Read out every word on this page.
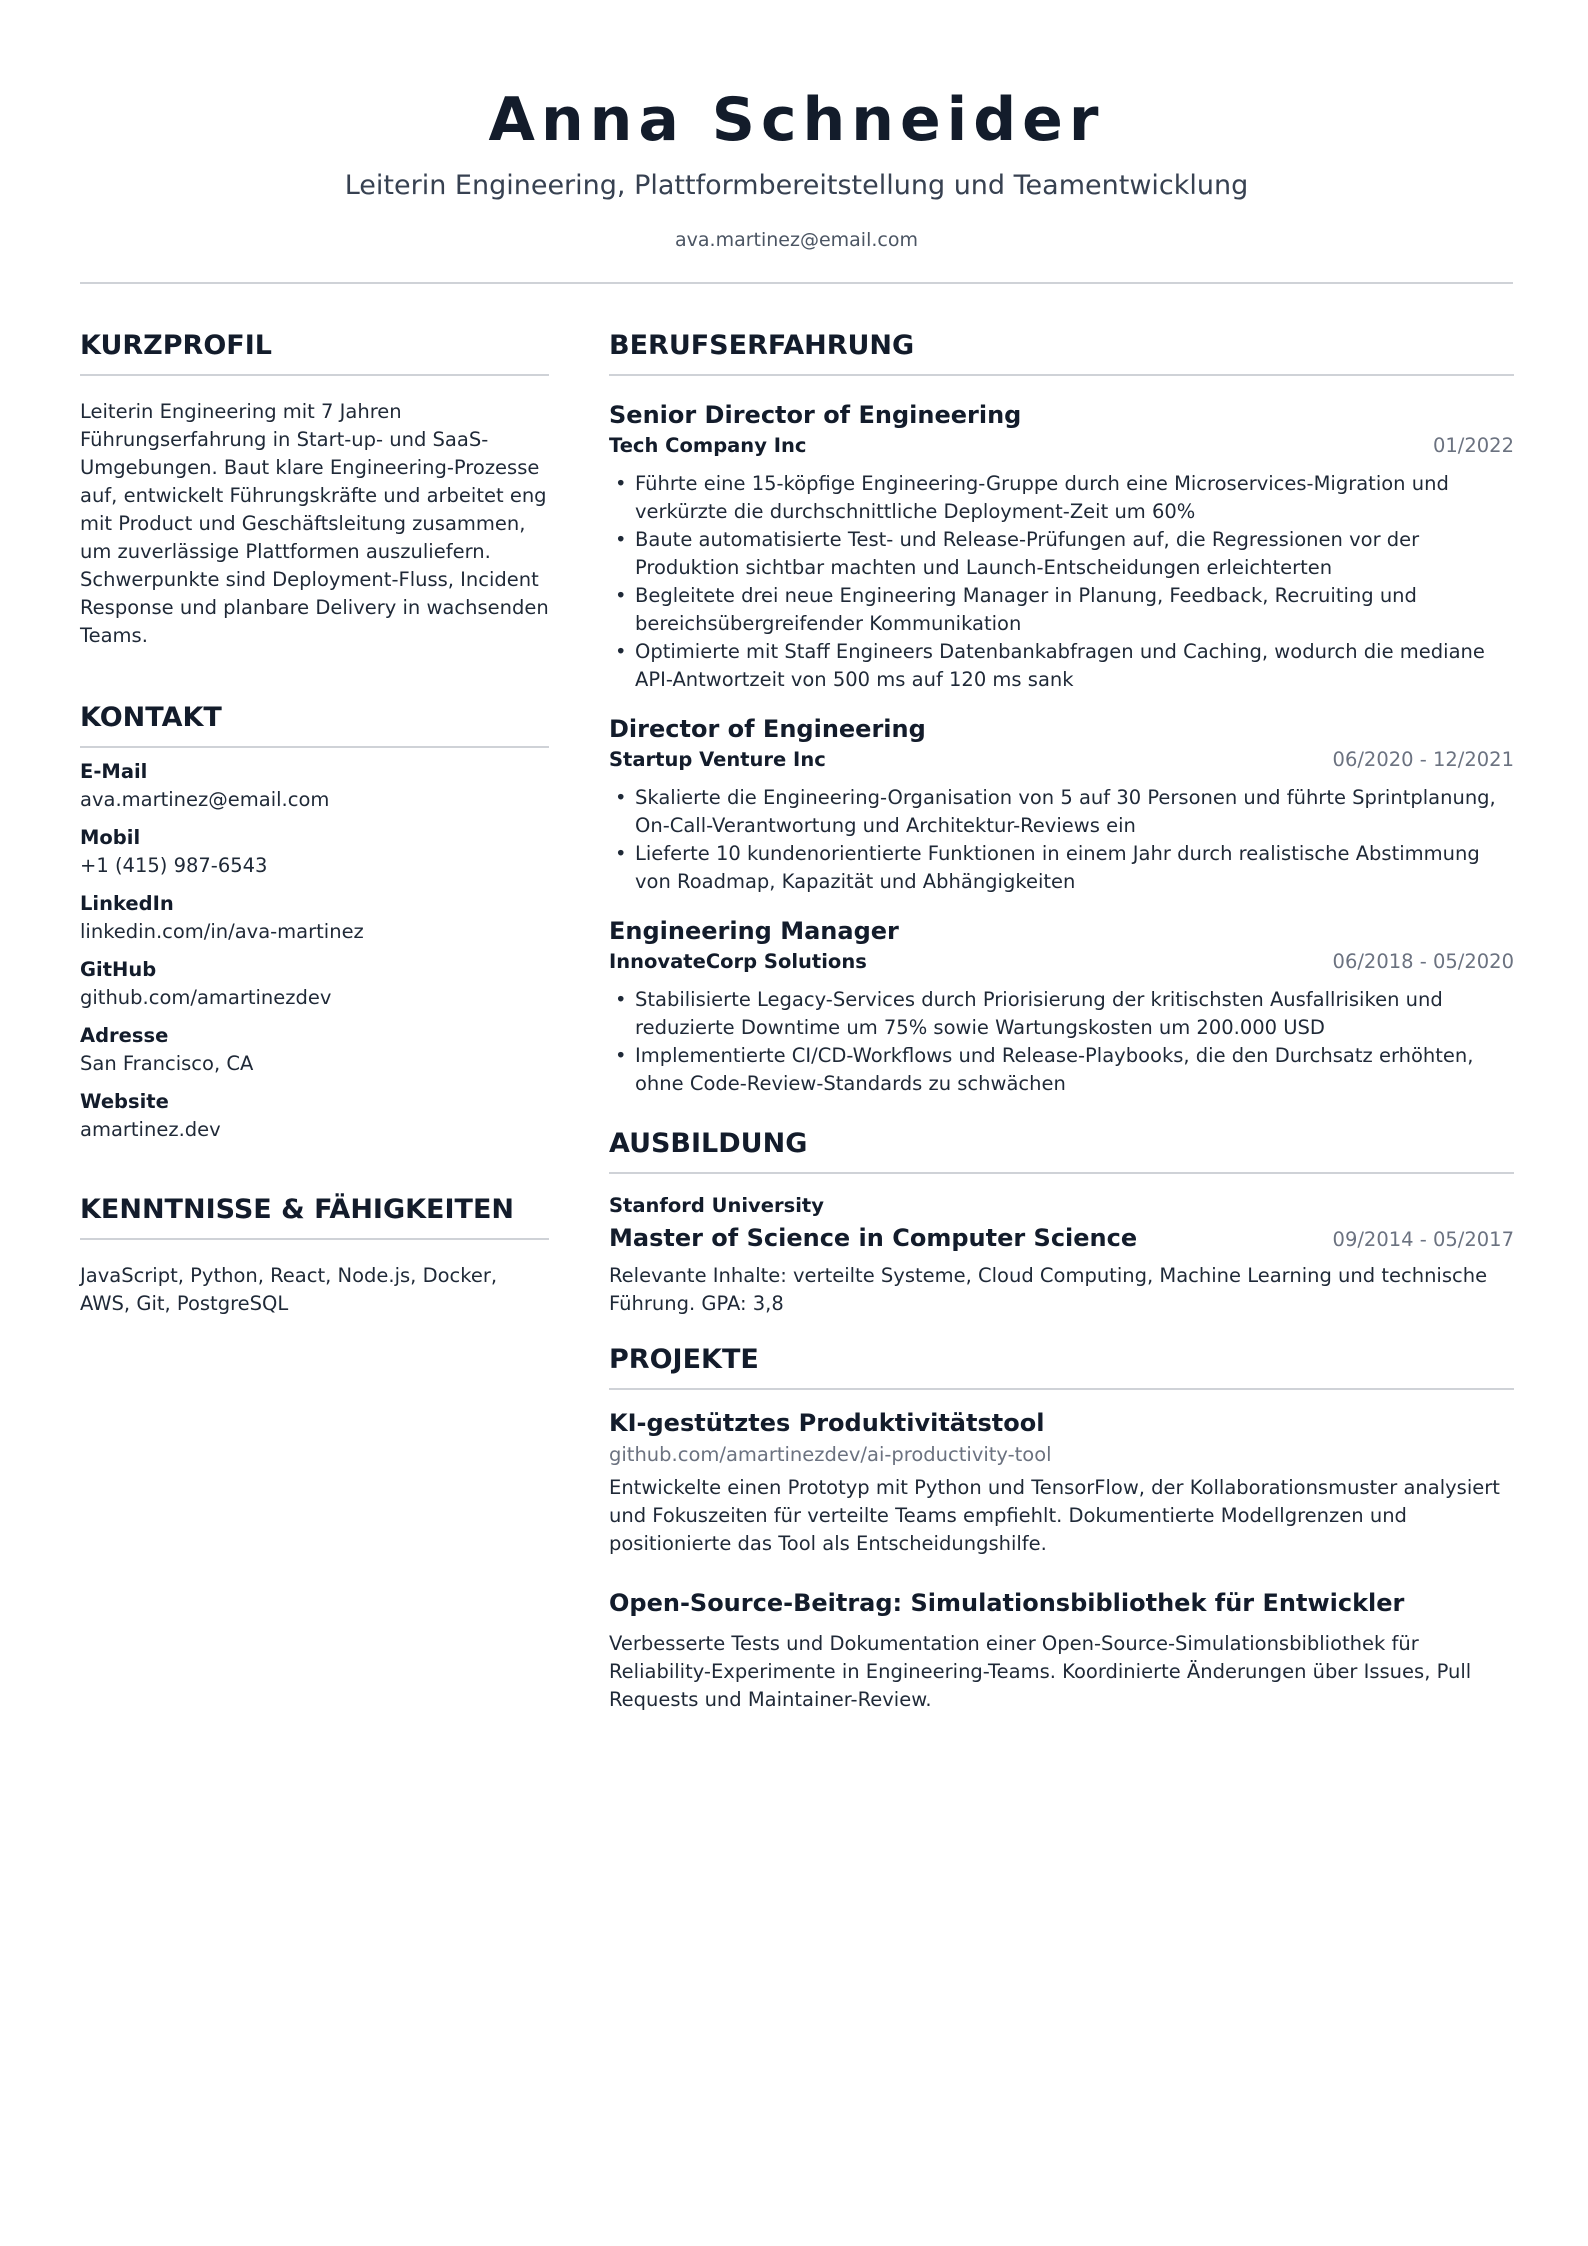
Anna Schneider
Leiterin Engineering, Plattformbereitstellung und Teamentwicklung
ava.martinez@email.com
KURZPROFIL
Leiterin Engineering mit 7 Jahren Führungserfahrung in Start-up- und SaaS-Umgebungen. Baut klare Engineering-Prozesse auf, entwickelt Führungskräfte und arbeitet eng mit Product und Geschäftsleitung zusammen, um zuverlässige Plattformen auszuliefern. Schwerpunkte sind Deployment-Fluss, Incident Response und planbare Delivery in wachsenden Teams.
KONTAKT
E-Mail
ava.martinez@email.com
Mobil
+1 (415) 987-6543
LinkedIn
linkedin.com/in/ava-martinez
GitHub
github.com/amartinezdev
Adresse
San Francisco, CA
Website
amartinez.dev
KENNTNISSE & FÄHIGKEITEN
JavaScript, Python, React, Node.js, Docker, AWS, Git, PostgreSQL
BERUFSERFAHRUNG
Senior Director of Engineering
Tech Company Inc	01/2022
• Führte eine 15-köpfige Engineering-Gruppe durch eine Microservices-Migration und verkürzte die durchschnittliche Deployment-Zeit um 60%
• Baute automatisierte Test- und Release-Prüfungen auf, die Regressionen vor der Produktion sichtbar machten und Launch-Entscheidungen erleichterten
• Begleitete drei neue Engineering Manager in Planung, Feedback, Recruiting und bereichsübergreifender Kommunikation
• Optimierte mit Staff Engineers Datenbankabfragen und Caching, wodurch die mediane API-Antwortzeit von 500 ms auf 120 ms sank
Director of Engineering
Startup Venture Inc	06/2020 - 12/2021
• Skalierte die Engineering-Organisation von 5 auf 30 Personen und führte Sprintplanung, On-Call-Verantwortung und Architektur-Reviews ein
• Lieferte 10 kundenorientierte Funktionen in einem Jahr durch realistische Abstimmung von Roadmap, Kapazität und Abhängigkeiten
Engineering Manager
InnovateCorp Solutions	06/2018 - 05/2020
• Stabilisierte Legacy-Services durch Priorisierung der kritischsten Ausfallrisiken und reduzierte Downtime um 75% sowie Wartungskosten um 200.000 USD
• Implementierte CI/CD-Workflows und Release-Playbooks, die den Durchsatz erhöhten, ohne Code-Review-Standards zu schwächen
AUSBILDUNG
Stanford University
Master of Science in Computer Science	09/2014 - 05/2017
Relevante Inhalte: verteilte Systeme, Cloud Computing, Machine Learning und technische Führung. GPA: 3,8
PROJEKTE
KI-gestütztes Produktivitätstool
github.com/amartinezdev/ai-productivity-tool
Entwickelte einen Prototyp mit Python und TensorFlow, der Kollaborationsmuster analysiert und Fokuszeiten für verteilte Teams empfiehlt. Dokumentierte Modellgrenzen und positionierte das Tool als Entscheidungshilfe.
Open-Source-Beitrag: Simulationsbibliothek für Entwickler
Verbesserte Tests und Dokumentation einer Open-Source-Simulationsbibliothek für Reliability-Experimente in Engineering-Teams. Koordinierte Änderungen über Issues, Pull Requests und Maintainer-Review.
